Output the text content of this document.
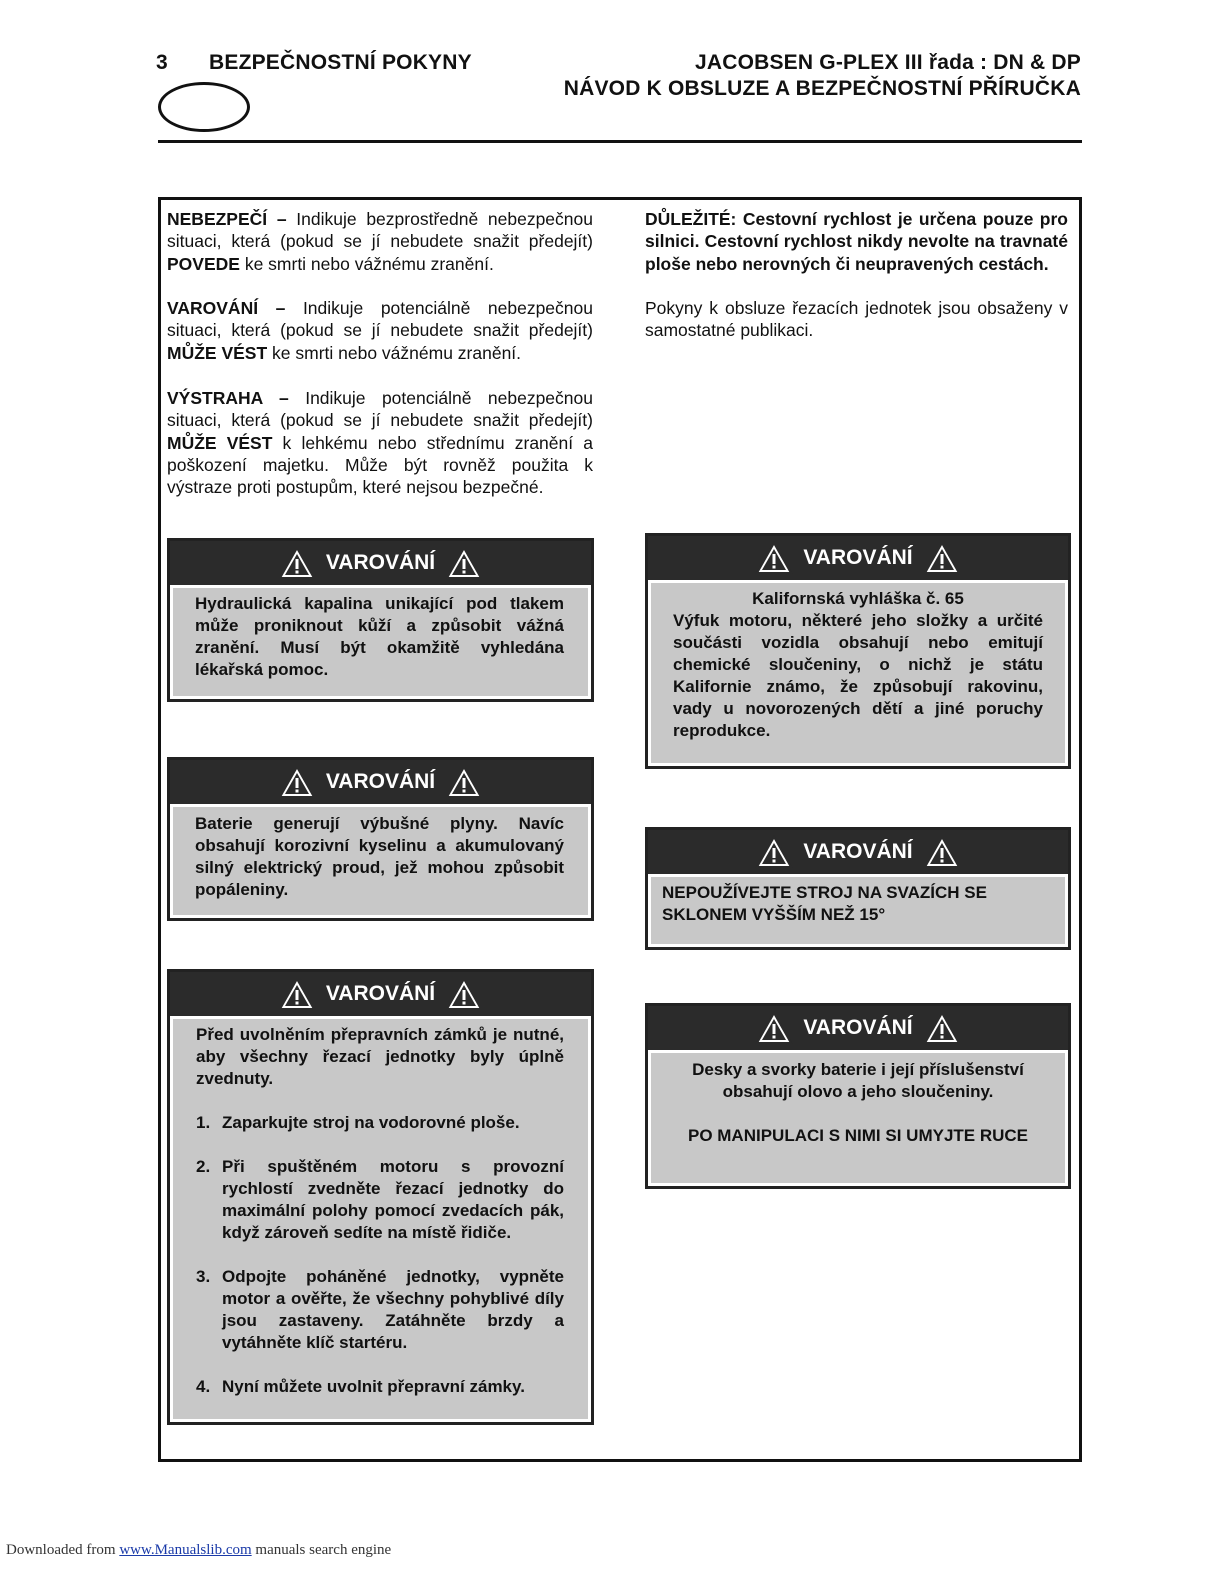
3 BEZPEČNOSTNÍ POKYNY	JACOBSEN G-PLEX III řada : DN & DP
NÁVOD K OBSLUZE A BEZPEČNOSTNÍ PŘÍRUČKA
NEBEZPEČÍ – Indikuje bezprostředně nebezpečnou situaci, která (pokud se jí nebudete snažit předejít) POVEDE ke smrti nebo vážnému zranění.
VAROVÁNÍ – Indikuje potenciálně nebezpečnou situaci, která (pokud se jí nebudete snažit předejít) MŮŽE VÉST ke smrti nebo vážnému zranění.
VÝSTRAHA – Indikuje potenciálně nebezpečnou situaci, která (pokud se jí nebudete snažit předejít) MŮŽE VÉST k lehkému nebo střednímu zranění a poškození majetku. Může být rovněž použita k výstraze proti postupům, které nejsou bezpečné.
DŮLEŽITÉ: Cestovní rychlost je určena pouze pro silnici. Cestovní rychlost nikdy nevolte na travnaté ploše nebo nerovných či neupravených cestách.
Pokyny k obsluze řezacích jednotek jsou obsaženy v samostatné publikaci.
VAROVÁNÍ
Hydraulická kapalina unikající pod tlakem může proniknout kůží a způsobit vážná zranění. Musí být okamžitě vyhledána lékařská pomoc.
VAROVÁNÍ
Baterie generují výbušné plyny. Navíc obsahují korozivní kyselinu a akumulovaný silný elektrický proud, jež mohou způsobit popáleniny.
VAROVÁNÍ
Před uvolněním přepravních zámků je nutné, aby všechny řezací jednotky byly úplně zvednuty.
1. Zaparkujte stroj na vodorovné ploše.
2. Při spuštěném motoru s provozní rychlostí zvedněte řezací jednotky do maximální polohy pomocí zvedacích pák, když zároveň sedíte na místě řidiče.
3. Odpojte poháněné jednotky, vypněte motor a ověřte, že všechny pohyblivé díly jsou zastaveny. Zatáhněte brzdy a vytáhněte klíč startéru.
4. Nyní můžete uvolnit přepravní zámky.
VAROVÁNÍ
Kalifornská vyhláška č. 65
Výfuk motoru, některé jeho složky a určité součásti vozidla obsahují nebo emitují chemické sloučeniny, o nichž je státu Kalifornie známo, že způsobují rakovinu, vady u novorozených dětí a jiné poruchy reprodukce.
VAROVÁNÍ
NEPOUŽÍVEJTE STROJ NA SVAZÍCH SE SKLONEM VYŠŠÍM NEŽ 15°
VAROVÁNÍ
Desky a svorky baterie i její příslušenství obsahují olovo a jeho sloučeniny.
PO MANIPULACI S NIMI SI UMYJTE RUCE
Downloaded from www.Manualslib.com manuals search engine
